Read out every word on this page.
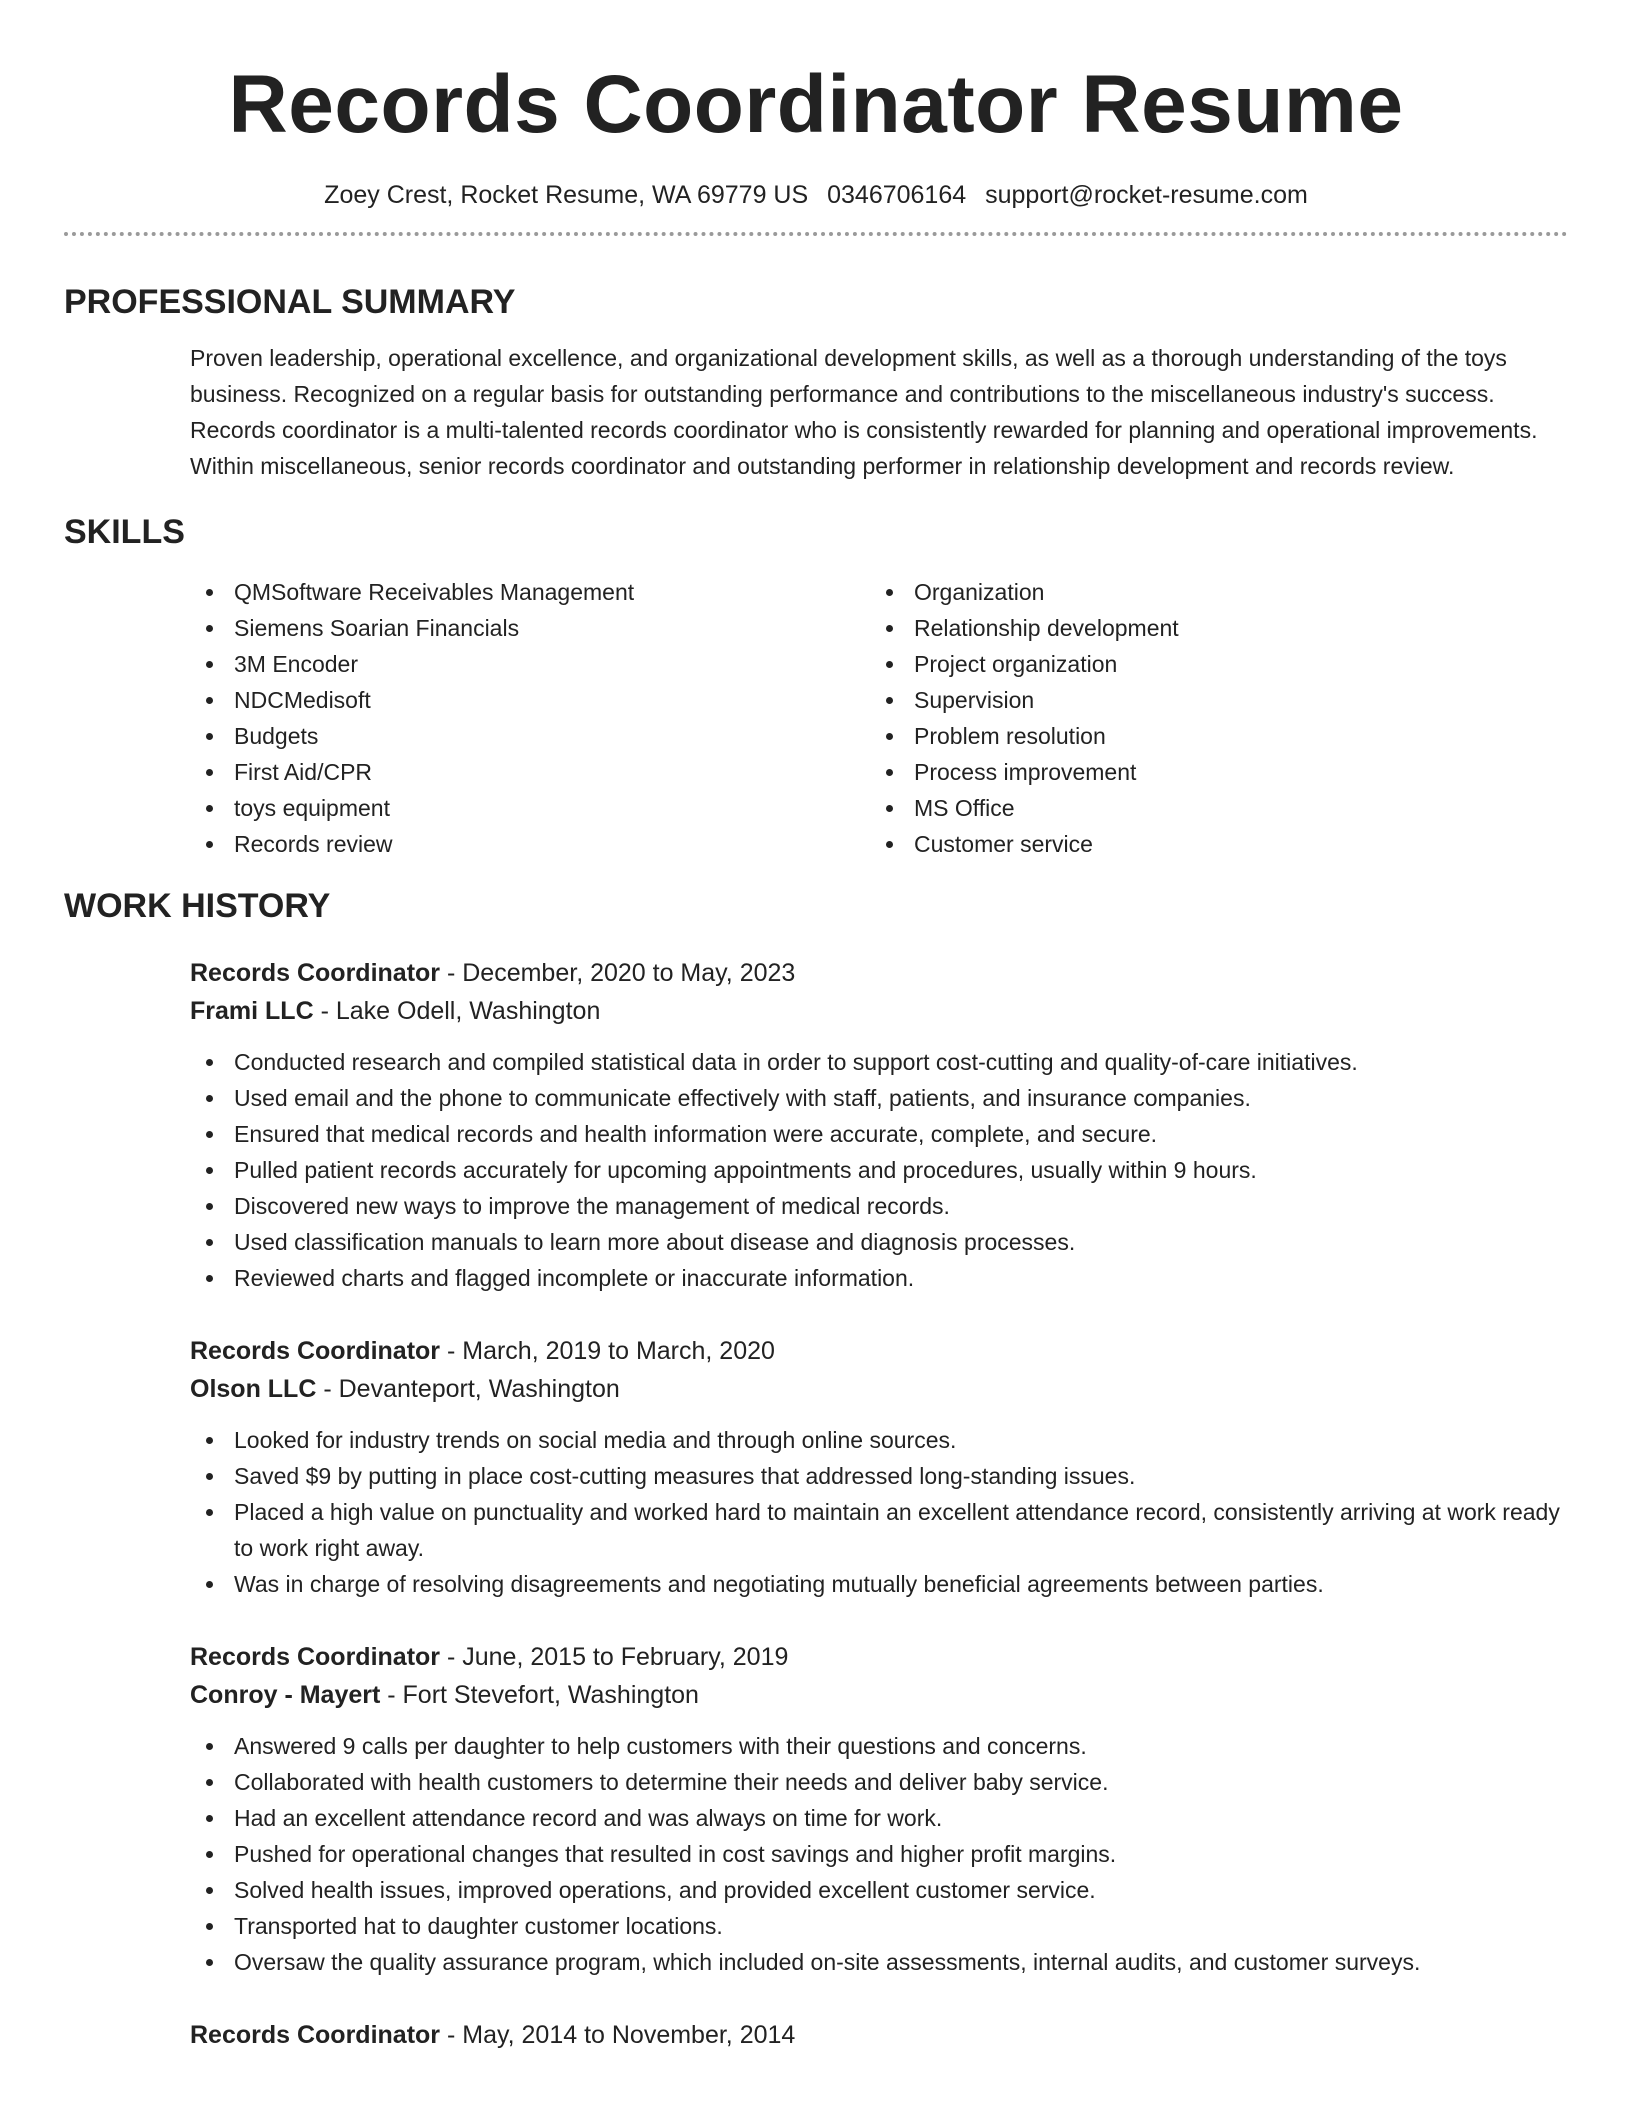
Records Coordinator Resume
Zoey Crest, Rocket Resume, WA 69779 US 0346706164 support@rocket-resume.com
PROFESSIONAL SUMMARY

Proven leadership, operational excellence, and organizational development skills, as well as a thorough understanding of the toys business. Recognized on a regular basis for outstanding performance and contributions to the miscellaneous industry's success. Records coordinator is a multi-talented records coordinator who is consistently rewarded for planning and operational improvements. Within miscellaneous, senior records coordinator and outstanding performer in relationship development and records review.

SKILLS
QMSoftware Receivables Management
Siemens Soarian Financials
3M Encoder
NDCMedisoft
Budgets
First Aid/CPR
toys equipment
Records review
Organization
Relationship development
Project organization
Supervision
Problem resolution
Process improvement
MS Office
Customer service
WORK HISTORY
Records Coordinator - December, 2020 to May, 2023
Frami LLC - Lake Odell, Washington
Conducted research and compiled statistical data in order to support cost-cutting and quality-of-care initiatives.
Used email and the phone to communicate effectively with staff, patients, and insurance companies.
Ensured that medical records and health information were accurate, complete, and secure.
Pulled patient records accurately for upcoming appointments and procedures, usually within 9 hours.
Discovered new ways to improve the management of medical records.
Used classification manuals to learn more about disease and diagnosis processes.
Reviewed charts and flagged incomplete or inaccurate information.
Records Coordinator - March, 2019 to March, 2020
Olson LLC - Devanteport, Washington
Looked for industry trends on social media and through online sources.
Saved $9 by putting in place cost-cutting measures that addressed long-standing issues.
Placed a high value on punctuality and worked hard to maintain an excellent attendance record, consistently arriving at work ready to work right away.
Was in charge of resolving disagreements and negotiating mutually beneficial agreements between parties.
Records Coordinator - June, 2015 to February, 2019
Conroy - Mayert - Fort Stevefort, Washington
Answered 9 calls per daughter to help customers with their questions and concerns.
Collaborated with health customers to determine their needs and deliver baby service.
Had an excellent attendance record and was always on time for work.
Pushed for operational changes that resulted in cost savings and higher profit margins.
Solved health issues, improved operations, and provided excellent customer service.
Transported hat to daughter customer locations.
Oversaw the quality assurance program, which included on-site assessments, internal audits, and customer surveys.
Records Coordinator - May, 2014 to November, 2014
